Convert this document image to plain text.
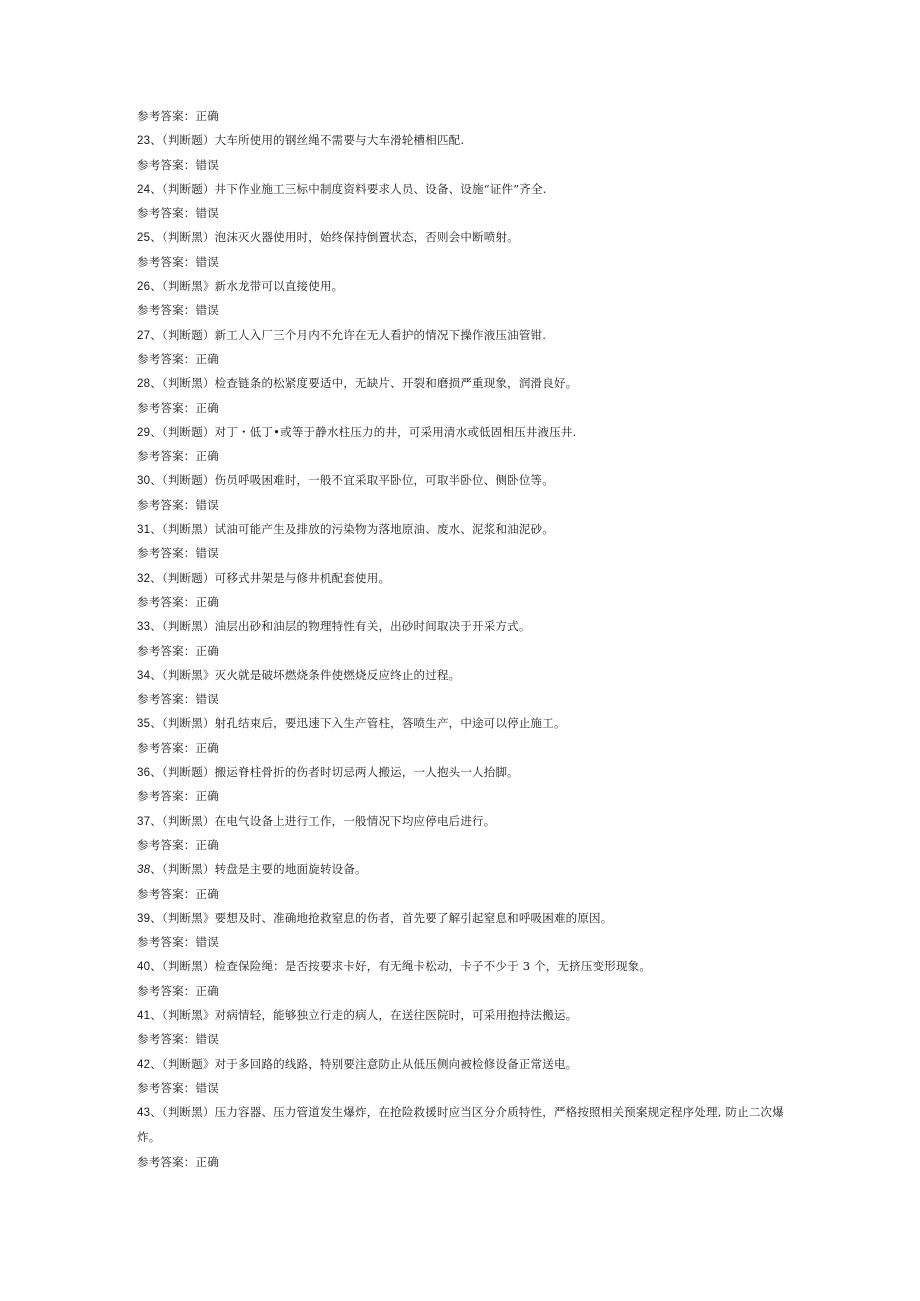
参考答案：正确
23、（判断题）大车所使用的钢丝绳不需要与大车滑轮槽相匹配.
参考答案：错误
24、（判断题）井下作业施工三标中制度资料要求人员、设备、设施“证件”齐全.
参考答案：错误
25、（判断黑）泡沫灭火器使用时，始终保持倒置状态，否则会中断喷射。
参考答案：错误
26、（判断黑》新水龙带可以直接使用。
参考答案：错误
27、（判断题）新工人入厂三个月内不允许在无人看护的情况下操作液压油管钳.
参考答案：正确
28、（判断黑）检查链条的松紧度要适中，无缺片、开裂和磨损严重现象，润滑良好。
参考答案：正确
29、（判断题）对丁・低丁•或等于静水柱压力的井，可采用清水或低固相压井液压井.
参考答案：正确
30、（判断题）伤员呼吸困难时，一般不宜采取平卧位，可取半卧位、侧卧位等。
参考答案：错误
31、（判断黑）试油可能产生及排放的污染物为落地原油、废水、泥浆和油泥砂。
参考答案：错误
32、（判断题）可移式井架是与修井机配套使用。
参考答案：正确
33、（判断黑）油层出砂和油层的物理特性有关，出砂时间取决于开采方式。
参考答案：正确
34、（判断黑》灭火就是破坏燃烧条件使燃烧反应终止的过程。
参考答案：错误
35、（判断黑）射孔结束后，要迅速下入生产管柱，答喷生产，中途可以停止施工。
参考答案：正确
36、（判断题）搬运脊柱骨折的伤者时切忌两人搬运，一人抱头一人抬脚。
参考答案：正确
37、（判断黑）在电气设备上进行工作，一般情况下均应停电后进行。
参考答案：正确
38、（判断黑）转盘是主要的地面旋转设备。
参考答案：正确
39、（判断黑》要想及时、准确地抢救窒息的伤者，首先要了解引起窒息和呼吸困难的原因。
参考答案：错误
40、（判断黑）检查保险绳：是否按要求卡好，有无绳卡松动，卡子不少于 3 个，无挤压变形现象。
参考答案：正确
41、（判断黑》对病情轻，能够独立行走的病人，在送往医院时，可采用抱持法搬运。
参考答案：错误
42、（判断题》对于多回路的线路，特别要注意防止从低压侧向被检修设备正常送电。
参考答案：错误
43、（判断黑）压力容器、压力管道发生爆炸，在抢险救援时应当区分介质特性，严格按照相关预案规定程序处理, 防止二次爆炸。
参考答案：正确
